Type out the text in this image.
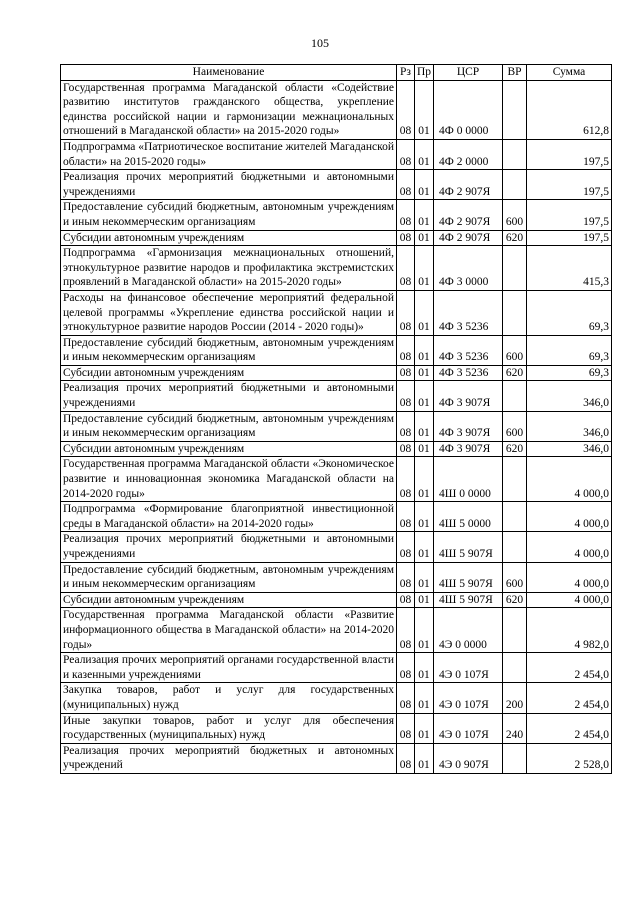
105
Наименование	Рз	Пр	ЦСР	ВР	Сумма
Государственная программа Магаданской области «Содействие развитию институтов гражданского общества, укрепление единства российской нации и гармонизации межнациональных отношений в Магаданской области» на 2015-2020 годы»	08	01	4Ф 0 0000		612,8
Подпрограмма «Патриотическое воспитание жителей Магаданской области» на 2015-2020 годы»	08	01	4Ф 2 0000		197,5
Реализация прочих мероприятий бюджетными и автономными учреждениями	08	01	4Ф 2 907Я		197,5
Предоставление субсидий бюджетным, автономным учреждениям и иным некоммерческим организациям	08	01	4Ф 2 907Я	600	197,5
Субсидии автономным учреждениям	08	01	4Ф 2 907Я	620	197,5
Подпрограмма «Гармонизация межнациональных отношений, этнокультурное развитие народов и профилактика экстремистских проявлений в Магаданской области» на 2015-2020 годы»	08	01	4Ф 3 0000		415,3
Расходы на финансовое обеспечение мероприятий федеральной целевой программы «Укрепление единства российской нации и этнокультурное развитие народов России (2014 - 2020 годы)»	08	01	4Ф 3 5236		69,3
Предоставление субсидий бюджетным, автономным учреждениям и иным некоммерческим организациям	08	01	4Ф 3 5236	600	69,3
Субсидии автономным учреждениям	08	01	4Ф 3 5236	620	69,3
Реализация прочих мероприятий бюджетными и автономными учреждениями	08	01	4Ф 3 907Я		346,0
Предоставление субсидий бюджетным, автономным учреждениям и иным некоммерческим организациям	08	01	4Ф 3 907Я	600	346,0
Субсидии автономным учреждениям	08	01	4Ф 3 907Я	620	346,0
Государственная программа Магаданской области «Экономическое развитие и инновационная экономика Магаданской области на 2014-2020 годы»	08	01	4Ш 0 0000		4 000,0
Подпрограмма «Формирование благоприятной инвестиционной среды в Магаданской области» на 2014-2020 годы»	08	01	4Ш 5 0000		4 000,0
Реализация прочих мероприятий бюджетными и автономными учреждениями	08	01	4Ш 5 907Я		4 000,0
Предоставление субсидий бюджетным, автономным учреждениям и иным некоммерческим организациям	08	01	4Ш 5 907Я	600	4 000,0
Субсидии автономным учреждениям	08	01	4Ш 5 907Я	620	4 000,0
Государственная программа Магаданской области «Развитие информационного общества в Магаданской области» на 2014-2020 годы»	08	01	4Э 0 0000		4 982,0
Реализация прочих мероприятий органами государственной власти и казенными учреждениями	08	01	4Э 0 107Я		2 454,0
Закупка товаров, работ и услуг для государственных (муниципальных) нужд	08	01	4Э 0 107Я	200	2 454,0
Иные закупки товаров, работ и услуг для обеспечения государственных (муниципальных) нужд	08	01	4Э 0 107Я	240	2 454,0
Реализация прочих мероприятий бюджетных и автономных учреждений	08	01	4Э 0 907Я		2 528,0
